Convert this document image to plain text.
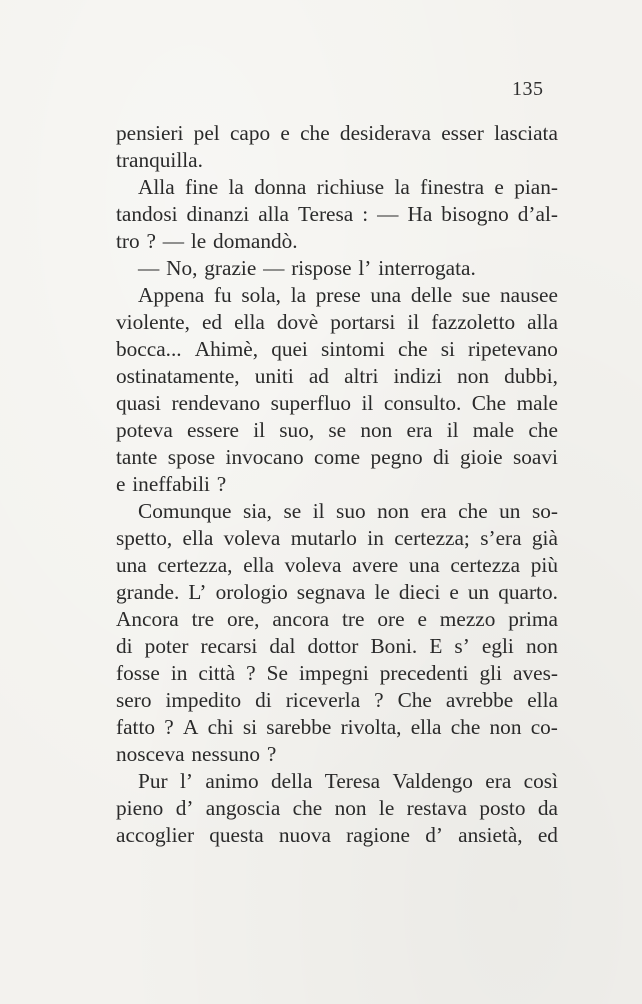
135
pensieri pel capo e che desiderava esser lasciata
tranquilla.
Alla fine la donna richiuse la finestra e pian-
tandosi dinanzi alla Teresa : — Ha bisogno d’al-
tro ? — le domandò.
— No, grazie — rispose l’ interrogata.
Appena fu sola, la prese una delle sue nausee
violente, ed ella dovè portarsi il fazzoletto alla
bocca... Ahimè, quei sintomi che si ripetevano
ostinatamente, uniti ad altri indizi non dubbi,
quasi rendevano superfluo il consulto. Che male
poteva essere il suo, se non era il male che
tante spose invocano come pegno di gioie soavi
e ineffabili ?
Comunque sia, se il suo non era che un so-
spetto, ella voleva mutarlo in certezza; s’era già
una certezza, ella voleva avere una certezza più
grande. L’ orologio segnava le dieci e un quarto.
Ancora tre ore, ancora tre ore e mezzo prima
di poter recarsi dal dottor Boni. E s’ egli non
fosse in città ? Se impegni precedenti gli aves-
sero impedito di riceverla ? Che avrebbe ella
fatto ? A chi si sarebbe rivolta, ella che non co-
nosceva nessuno ?
Pur l’ animo della Teresa Valdengo era così
pieno d’ angoscia che non le restava posto da
accoglier questa nuova ragione d’ ansietà, ed
